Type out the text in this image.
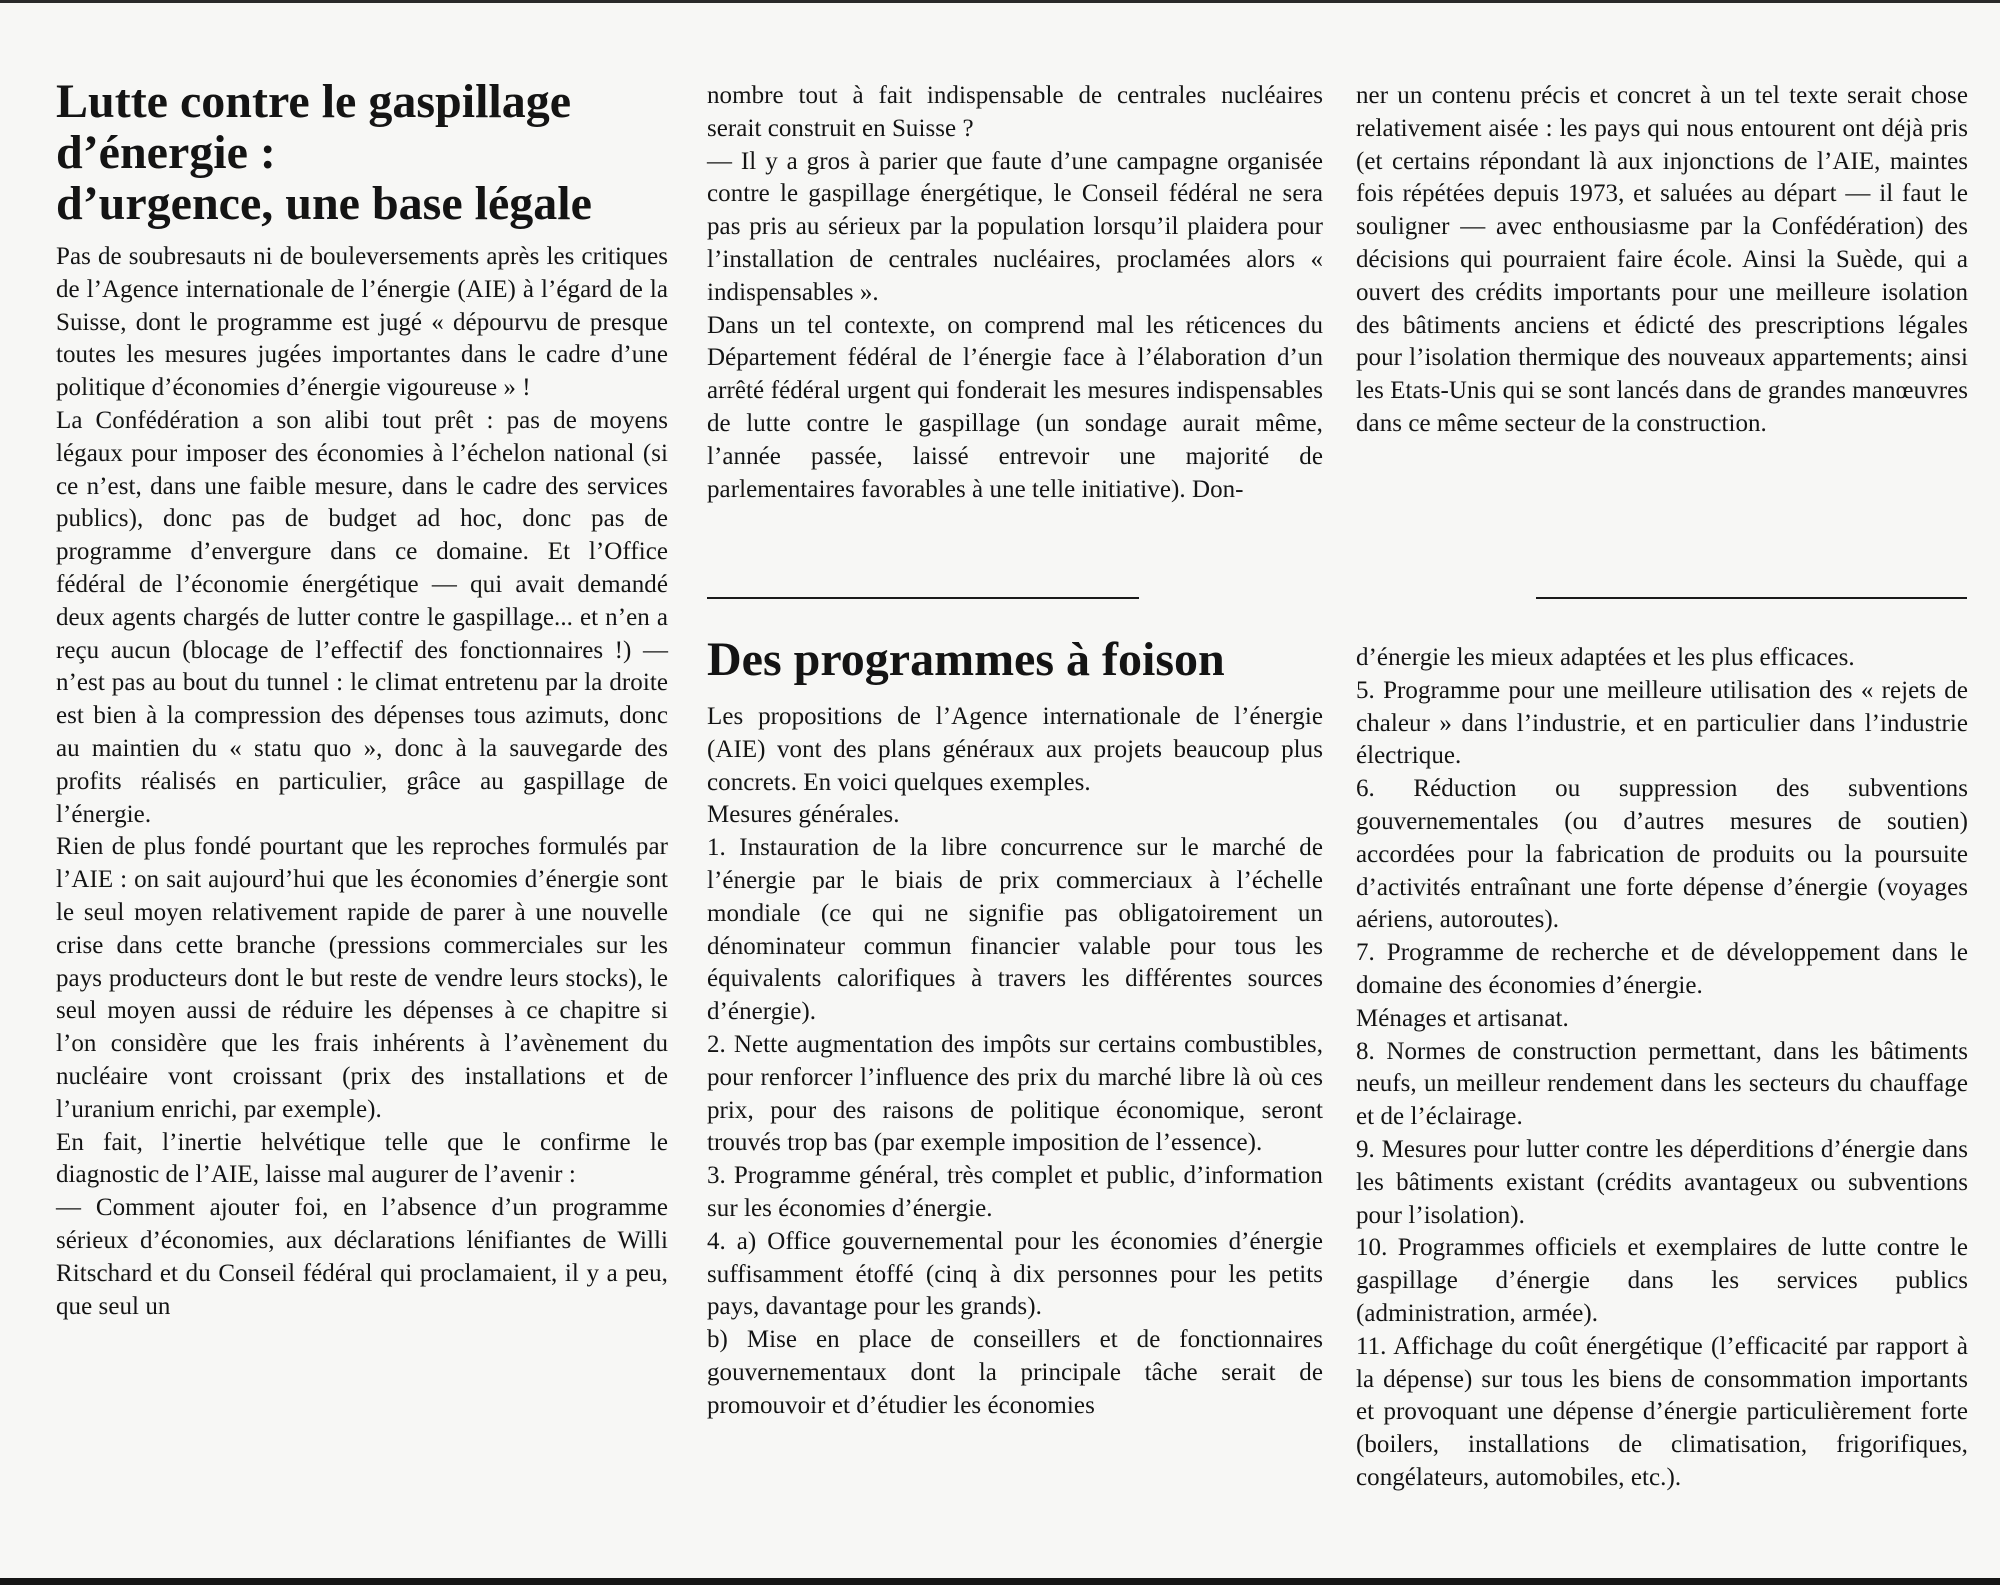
Lutte contre le gaspillage
d’énergie :
d’urgence, une base légale

Pas de soubresauts ni de bouleversements après les critiques de l’Agence internationale de l’énergie (AIE) à l’égard de la Suisse, dont le programme est jugé « dépourvu de presque toutes les mesures jugées importantes dans le cadre d’une politique d’économies d’énergie vigoureuse » !

La Confédération a son alibi tout prêt : pas de moyens légaux pour imposer des économies à l’échelon national (si ce n’est, dans une faible mesure, dans le cadre des services publics), donc pas de budget ad hoc, donc pas de programme d’envergure dans ce domaine. Et l’Office fédéral de l’économie énergétique — qui avait demandé deux agents chargés de lutter contre le gaspillage... et n’en a reçu aucun (blocage de l’effectif des fonctionnaires !) — n’est pas au bout du tunnel : le climat entretenu par la droite est bien à la compression des dépenses tous azimuts, donc au maintien du « statu quo », donc à la sauvegarde des profits réalisés en particulier, grâce au gaspillage de l’énergie.

Rien de plus fondé pourtant que les reproches formulés par l’AIE : on sait aujourd’hui que les économies d’énergie sont le seul moyen relativement rapide de parer à une nouvelle crise dans cette branche (pressions commerciales sur les pays producteurs dont le but reste de vendre leurs stocks), le seul moyen aussi de réduire les dépenses à ce chapitre si l’on considère que les frais inhérents à l’avènement du nucléaire vont croissant (prix des installations et de l’uranium enrichi, par exemple).

En fait, l’inertie helvétique telle que le confirme le diagnostic de l’AIE, laisse mal augurer de l’avenir :

— Comment ajouter foi, en l’absence d’un programme sérieux d’économies, aux déclarations lénifiantes de Willi Ritschard et du Conseil fédéral qui proclamaient, il y a peu, que seul un

nombre tout à fait indispensable de centrales nucléaires serait construit en Suisse ?

— Il y a gros à parier que faute d’une campagne organisée contre le gaspillage énergétique, le Conseil fédéral ne sera pas pris au sérieux par la population lorsqu’il plaidera pour l’installation de centrales nucléaires, proclamées alors « indispensables ».

Dans un tel contexte, on comprend mal les réticences du Département fédéral de l’énergie face à l’élaboration d’un arrêté fédéral urgent qui fonderait les mesures indispensables de lutte contre le gaspillage (un sondage aurait même, l’année passée, laissé entrevoir une majorité de parlementaires favorables à une telle initiative). Don-

ner un contenu précis et concret à un tel texte serait chose relativement aisée : les pays qui nous entourent ont déjà pris (et certains répondant là aux injonctions de l’AIE, maintes fois répétées depuis 1973, et saluées au départ — il faut le souligner — avec enthousiasme par la Confédération) des décisions qui pourraient faire école. Ainsi la Suède, qui a ouvert des crédits importants pour une meilleure isolation des bâtiments anciens et édicté des prescriptions légales pour l’isolation thermique des nouveaux appartements; ainsi les Etats-Unis qui se sont lancés dans de grandes manœuvres dans ce même secteur de la construction.

Des programmes à foison

Les propositions de l’Agence internationale de l’énergie (AIE) vont des plans généraux aux projets beaucoup plus concrets. En voici quelques exemples.

Mesures générales.

1. Instauration de la libre concurrence sur le marché de l’énergie par le biais de prix commerciaux à l’échelle mondiale (ce qui ne signifie pas obligatoirement un dénominateur commun financier valable pour tous les équivalents calorifiques à travers les différentes sources d’énergie).

2. Nette augmentation des impôts sur certains combustibles, pour renforcer l’influence des prix du marché libre là où ces prix, pour des raisons de politique économique, seront trouvés trop bas (par exemple imposition de l’essence).

3. Programme général, très complet et public, d’information sur les économies d’énergie.

4. a) Office gouvernemental pour les économies d’énergie suffisamment étoffé (cinq à dix personnes pour les petits pays, davantage pour les grands).

b) Mise en place de conseillers et de fonctionnaires gouvernementaux dont la principale tâche serait de promouvoir et d’étudier les économies

d’énergie les mieux adaptées et les plus efficaces.

5. Programme pour une meilleure utilisation des « rejets de chaleur » dans l’industrie, et en particulier dans l’industrie électrique.

6. Réduction ou suppression des subventions gouvernementales (ou d’autres mesures de soutien) accordées pour la fabrication de produits ou la poursuite d’activités entraînant une forte dépense d’énergie (voyages aériens, autoroutes).

7. Programme de recherche et de développement dans le domaine des économies d’énergie.

Ménages et artisanat.

8. Normes de construction permettant, dans les bâtiments neufs, un meilleur rendement dans les secteurs du chauffage et de l’éclairage.

9. Mesures pour lutter contre les déperditions d’énergie dans les bâtiments existant (crédits avantageux ou subventions pour l’isolation).

10. Programmes officiels et exemplaires de lutte contre le gaspillage d’énergie dans les services publics (administration, armée).

11. Affichage du coût énergétique (l’efficacité par rapport à la dépense) sur tous les biens de consommation importants et provoquant une dépense d’énergie particulièrement forte (boilers, installations de climatisation, frigorifiques, congélateurs, automobiles, etc.).
